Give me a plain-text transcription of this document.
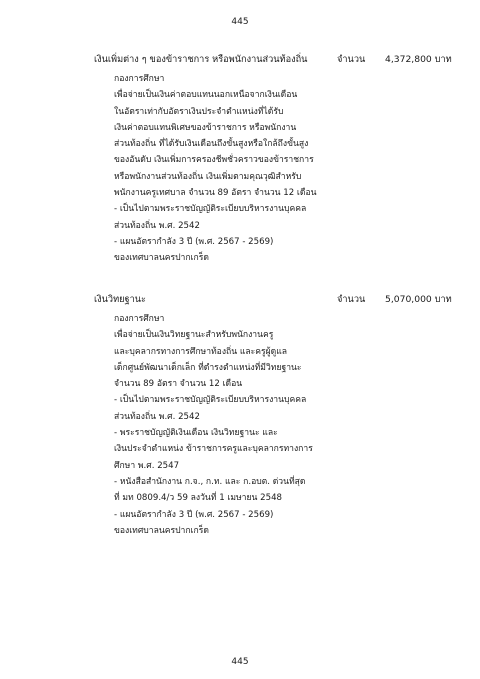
445
เงินเพิ่มต่าง ๆ ของข้าราชการ หรือพนักงานส่วนท้องถิ่น	จำนวน 4,372,800 บาท
กองการศึกษา
เพื่อจ่ายเป็นเงินค่าตอบแทนนอกเหนือจากเงินเดือน
ในอัตราเท่ากับอัตราเงินประจำตำแหน่งที่ได้รับ
เงินค่าตอบแทนพิเศษของข้าราชการ หรือพนักงาน
ส่วนท้องถิ่น ที่ได้รับเงินเดือนถึงขั้นสูงหรือใกล้ถึงขั้นสูง
ของอันดับ เงินเพิ่มการครองชีพชั่วคราวของข้าราชการ
หรือพนักงานส่วนท้องถิ่น เงินเพิ่มตามคุณวุฒิสำหรับ
พนักงานครูเทศบาล จำนวน 89 อัตรา จำนวน 12 เดือน
- เป็นไปตามพระราชบัญญัติระเบียบบริหารงานบุคคล
ส่วนท้องถิ่น พ.ศ. 2542
- แผนอัตรากำลัง 3 ปี (พ.ศ. 2567 - 2569)
ของเทศบาลนครปากเกร็ด
เงินวิทยฐานะ	จำนวน 5,070,000 บาท
กองการศึกษา
เพื่อจ่ายเป็นเงินวิทยฐานะสำหรับพนักงานครู
และบุคลากรทางการศึกษาท้องถิ่น และครูผู้ดูแล
เด็กศูนย์พัฒนาเด็กเล็ก ที่ดำรงตำแหน่งที่มีวิทยฐานะ
จำนวน 89 อัตรา จำนวน 12 เดือน
- เป็นไปตามพระราชบัญญัติระเบียบบริหารงานบุคคล
ส่วนท้องถิ่น พ.ศ. 2542
- พระราชบัญญัติเงินเดือน เงินวิทยฐานะ และ
เงินประจำตำแหน่ง ข้าราชการครูและบุคลากรทางการ
ศึกษา พ.ศ. 2547
- หนังสือสำนักงาน ก.จ., ก.ท. และ ก.อบต. ด่วนที่สุด
ที่ มท 0809.4/ว 59 ลงวันที่ 1 เมษายน 2548
- แผนอัตรากำลัง 3 ปี (พ.ศ. 2567 - 2569)
ของเทศบาลนครปากเกร็ด
445
